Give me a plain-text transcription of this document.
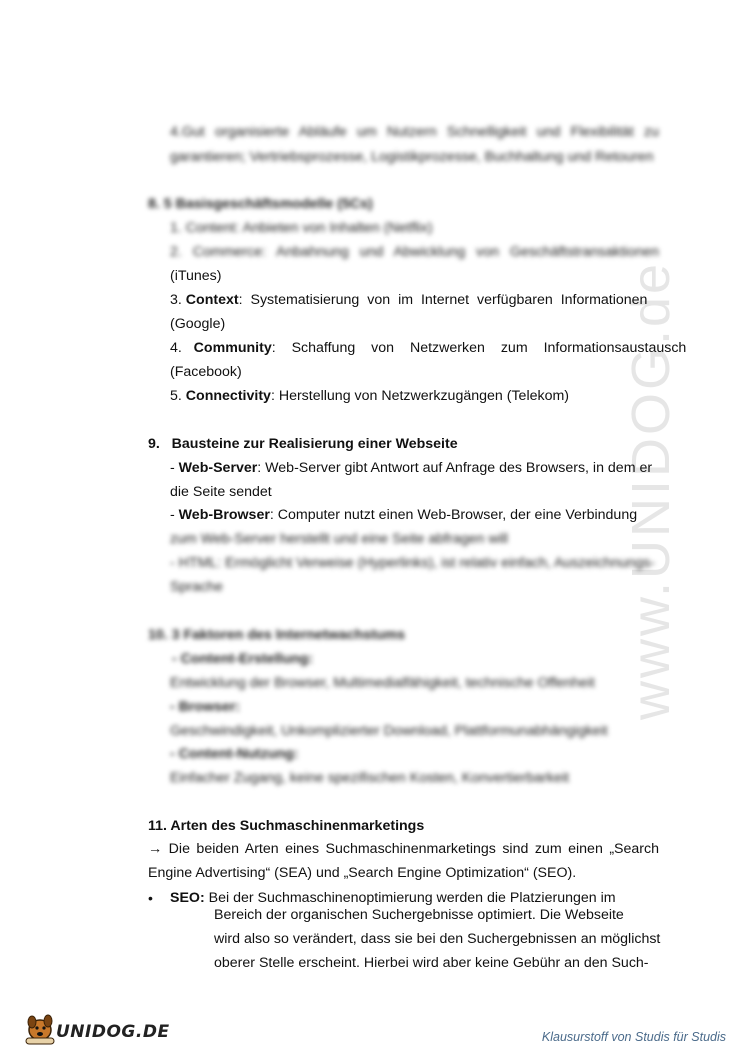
www.UNIDOG.de
4.Gut organisierte Abläufe um Nutzern Schnelligkeit und Flexibilität zu
garantieren; Vertriebsprozesse, Logistikprozesse, Buchhaltung und Retouren
8. 5 Basisgeschäftsmodelle (5Cs)
1. Content: Anbieten von Inhalten (Netflix)
2. Commerce: Anbahnung und Abwicklung von Geschäftstransaktionen
(iTunes)
3. Context: Systematisierung von im Internet verfügbaren Informationen
(Google)
4. Community: Schaffung von Netzwerken zum Informationsaustausch
(Facebook)
5. Connectivity: Herstellung von Netzwerkzugängen (Telekom)
9. Bausteine zur Realisierung einer Webseite
- Web-Server: Web-Server gibt Antwort auf Anfrage des Browsers, in dem er
die Seite sendet
- Web-Browser: Computer nutzt einen Web-Browser, der eine Verbindung
zum Web-Server herstellt und eine Seite abfragen will
- HTML: Ermöglicht Verweise (Hyperlinks), ist relativ einfach, Auszeichnungs-
Sprache
10. 3 Faktoren des Internetwachstums
- Content-Erstellung:
Entwicklung der Browser, Multimedialfähigkeit, technische Offenheit
- Browser:
Geschwindigkeit, Unkomplizierter Download, Plattformunabhängigkeit
- Content-Nutzung:
Einfacher Zugang, keine spezifischen Kosten, Konvertierbarkeit
11. Arten des Suchmaschinenmarketings
→ Die beiden Arten eines Suchmaschinenmarketings sind zum einen „Search
Engine Advertising“ (SEA) und „Search Engine Optimization“ (SEO).
• SEO: Bei der Suchmaschinenoptimierung werden die Platzierungen im
Bereich der organischen Suchergebnisse optimiert. Die Webseite
wird also so verändert, dass sie bei den Suchergebnissen an möglichst
oberer Stelle erscheint. Hierbei wird aber keine Gebühr an den Such-
UNIDOG.DE	Klausurstoff von Studis für Studis
